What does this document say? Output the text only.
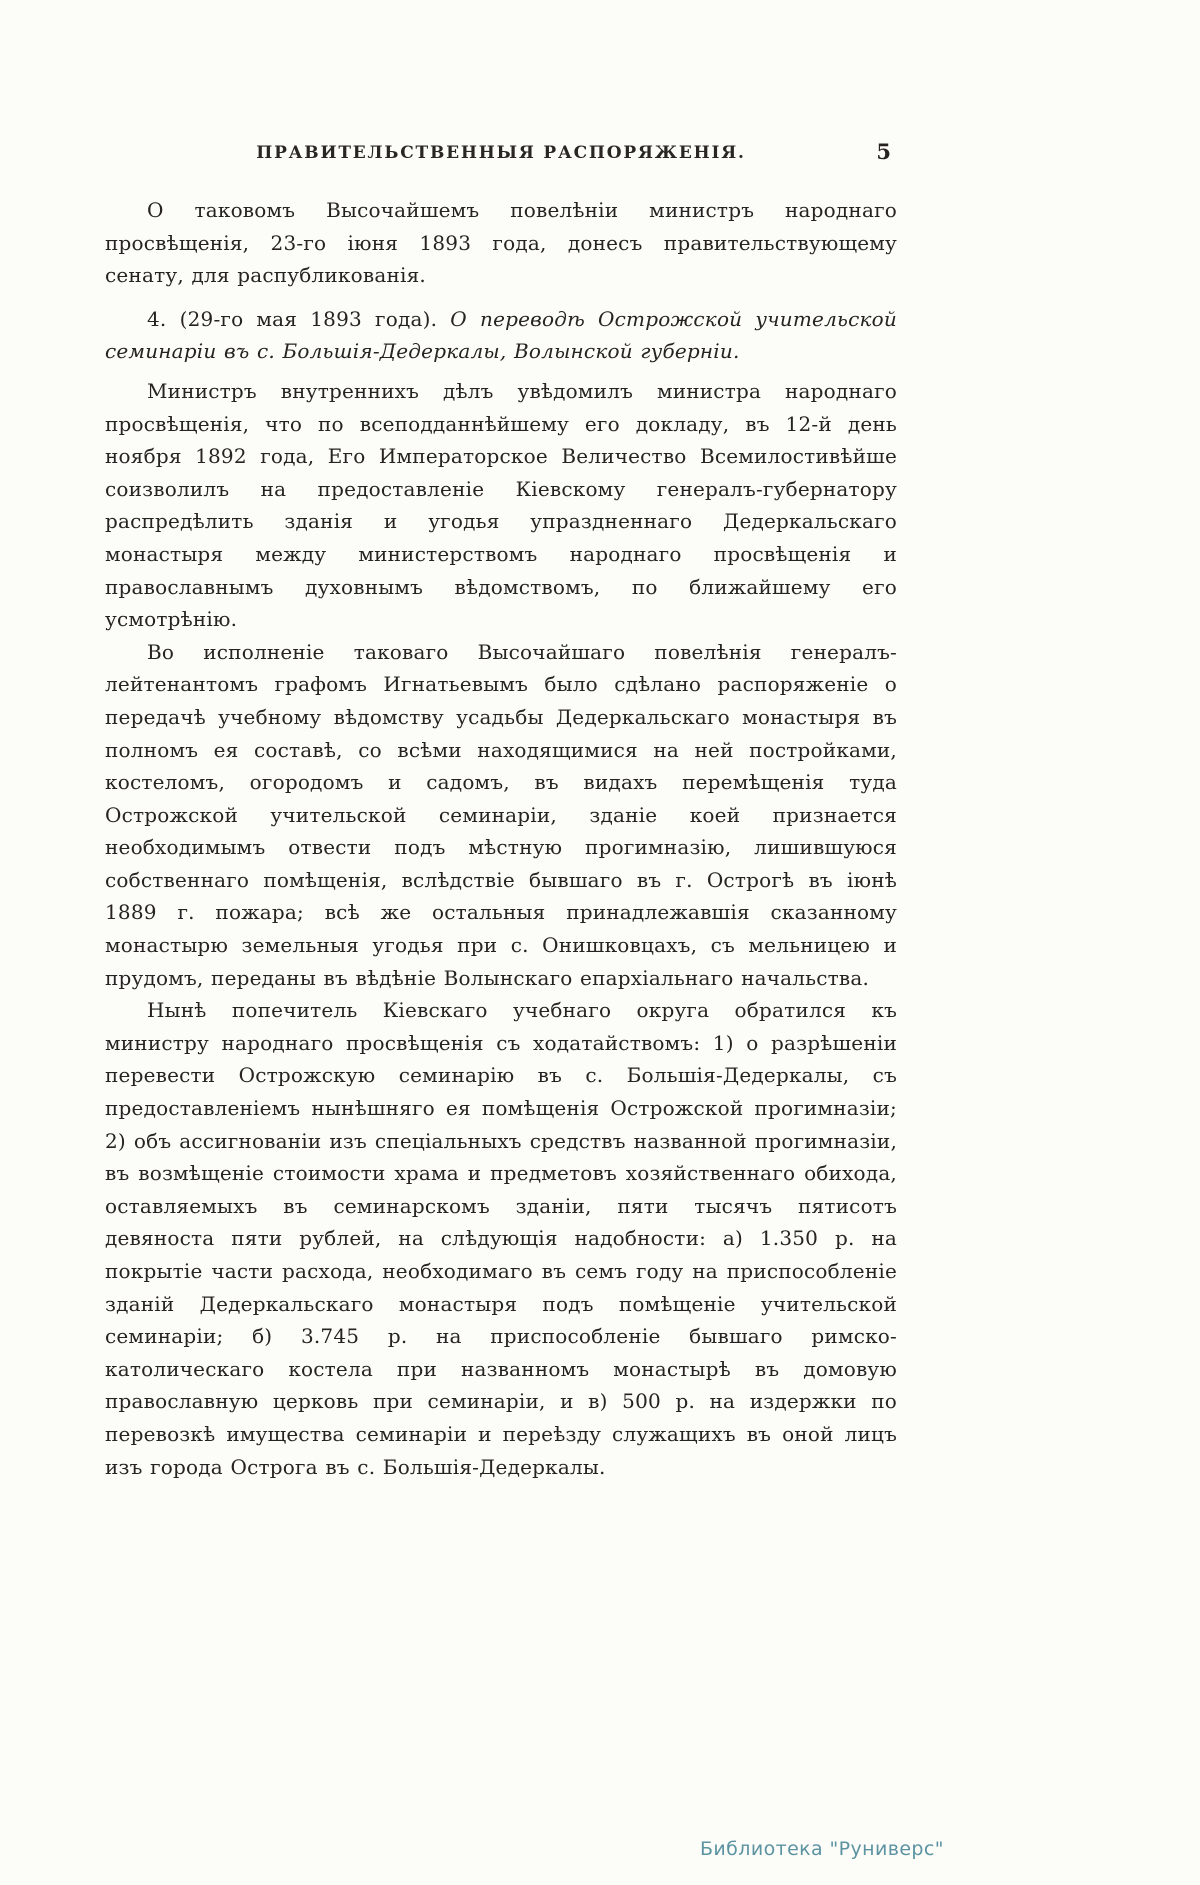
ПРАВИТЕЛЬСТВЕННЫЯ РАСПОРЯЖЕНІЯ.	5

О таковомъ Высочайшемъ повелѣніи министръ народнаго просвѣщенія, 23-го іюня 1893 года, донесъ правительствующему сенату, для распубликованія.

4. (29-го мая 1893 года). О переводѣ Острожской учительской семинаріи въ с. Большія-Дедеркалы, Волынской губерніи.

Министръ внутреннихъ дѣлъ увѣдомилъ министра народнаго просвѣщенія, что по всеподданнѣйшему его докладу, въ 12-й день ноября 1892 года, Его Императорское Величество Всемилостивѣйше соизволилъ на предоставленіе Кіевскому генералъ-губернатору распредѣлить зданія и угодья упраздненнаго Дедеркальскаго монастыря между министерствомъ народнаго просвѣщенія и православнымъ духовнымъ вѣдомствомъ, по ближайшему его усмотрѣнію.

Во исполненіе таковаго Высочайшаго повелѣнія генералъ-лейтенантомъ графомъ Игнатьевымъ было сдѣлано распоряженіе о передачѣ учебному вѣдомству усадьбы Дедеркальскаго монастыря въ полномъ ея составѣ, со всѣми находящимися на ней постройками, костеломъ, огородомъ и садомъ, въ видахъ перемѣщенія туда Острожской учительской семинаріи, зданіе коей признается необходимымъ отвести подъ мѣстную прогимназію, лишившуюся собственнаго помѣщенія, вслѣдствіе бывшаго въ г. Острогѣ въ іюнѣ 1889 г. пожара; всѣ же остальныя принадлежавшія сказанному монастырю земельныя угодья при с. Онишковцахъ, съ мельницею и прудомъ, переданы въ вѣдѣніе Волынскаго епархіальнаго начальства.

Нынѣ попечитель Кіевскаго учебнаго округа обратился къ министру народнаго просвѣщенія съ ходатайствомъ: 1) о разрѣшеніи перевести Острожскую семинарію въ с. Большія-Дедеркалы, съ предоставленіемъ нынѣшняго ея помѣщенія Острожской прогимназіи; 2) объ ассигнованіи изъ спеціальныхъ средствъ названной прогимназіи, въ возмѣщеніе стоимости храма и предметовъ хозяйственнаго обихода, оставляемыхъ въ семинарскомъ зданіи, пяти тысячъ пятисотъ девяноста пяти рублей, на слѣдующія надобности: а) 1.350 р. на покрытіе части расхода, необходимаго въ семъ году на приспособленіе зданій Дедеркальскаго монастыря подъ помѣщеніе учительской семинаріи; б) 3.745 р. на приспособленіе бывшаго римско-католическаго костела при названномъ монастырѣ въ домовую православную церковь при семинаріи, и в) 500 р. на издержки по перевозкѣ имущества семинаріи и переѣзду служащихъ въ оной лицъ изъ города Острога въ с. Большія-Дедеркалы.

Библиотека "Руниверс"
